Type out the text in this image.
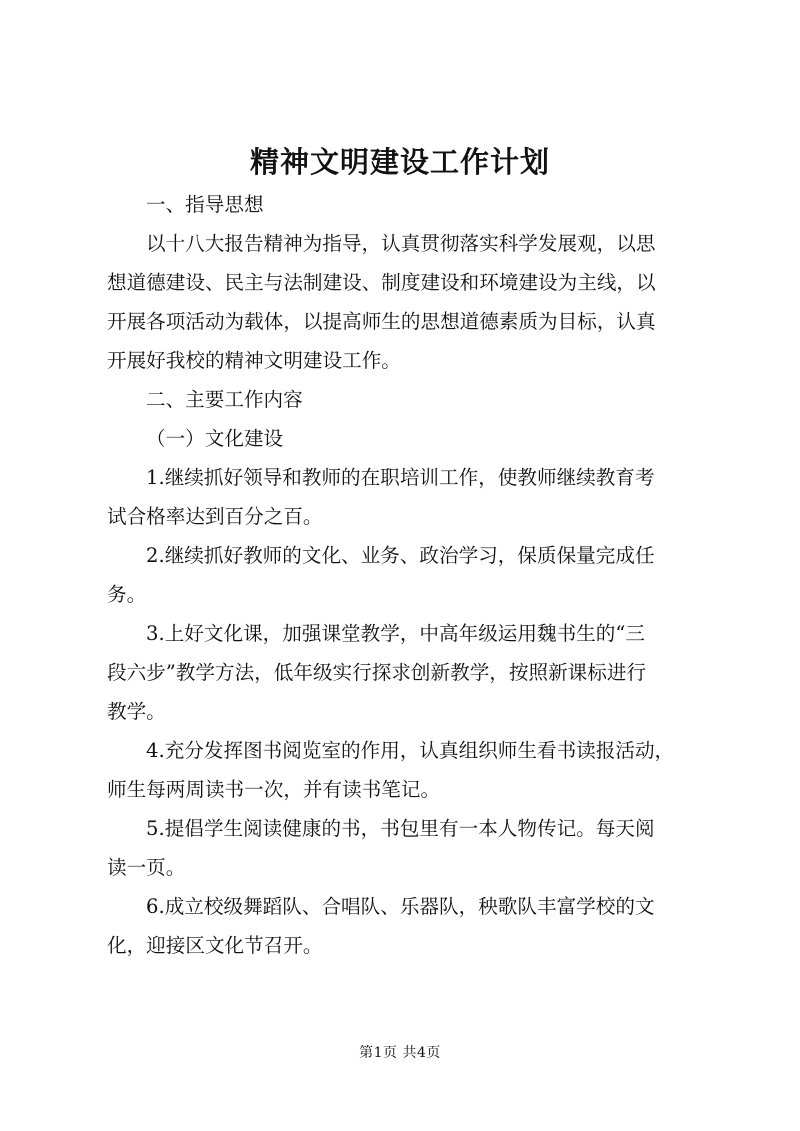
精神文明建设工作计划
一、指导思想
以十八大报告精神为指导，认真贯彻落实科学发展观，以思
想道德建设、民主与法制建设、制度建设和环境建设为主线，以
开展各项活动为载体，以提高师生的思想道德素质为目标，认真
开展好我校的精神文明建设工作。
二、主要工作内容
（一）文化建设
1.继续抓好领导和教师的在职培训工作，使教师继续教育考
试合格率达到百分之百。
2.继续抓好教师的文化、业务、政治学习，保质保量完成任
务。
3.上好文化课，加强课堂教学，中高年级运用魏书生的“三
段六步”教学方法，低年级实行探求创新教学，按照新课标进行
教学。
4.充分发挥图书阅览室的作用，认真组织师生看书读报活动，
师生每两周读书一次，并有读书笔记。
5.提倡学生阅读健康的书，书包里有一本人物传记。每天阅
读一页。
6.成立校级舞蹈队、合唱队、乐器队，秧歌队丰富学校的文
化，迎接区文化节召开。
第1页 共4页
